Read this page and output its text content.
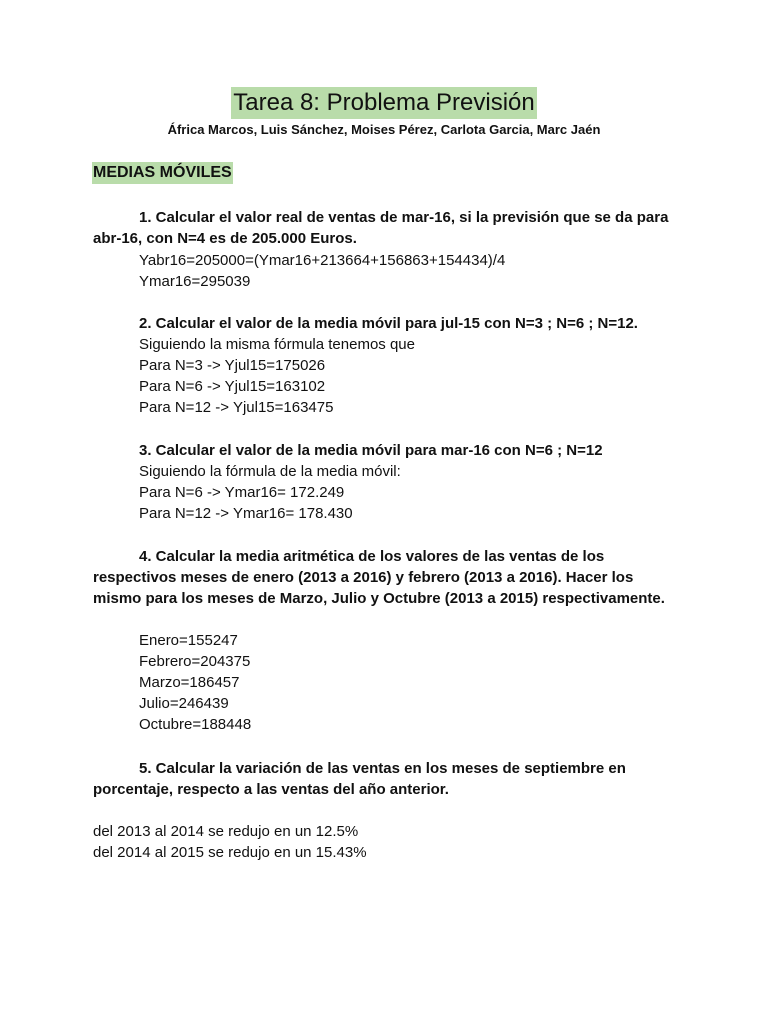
Tarea 8: Problema Previsión
África Marcos, Luis Sánchez, Moises Pérez, Carlota Garcia, Marc Jaén
MEDIAS MÓVILES
1. Calcular el valor real de ventas de mar-16, si la previsión que se da para abr-16, con N=4 es de 205.000 Euros.
Yabr16=205000=(Ymar16+213664+156863+154434)/4
Ymar16=295039
2. Calcular el valor de la media móvil para jul-15 con N=3 ; N=6 ; N=12.
Siguiendo la misma fórmula tenemos que
Para N=3 -> Yjul15=175026
Para N=6 -> Yjul15=163102
Para N=12 -> Yjul15=163475
3. Calcular el valor de la media móvil para mar-16 con N=6 ; N=12
Siguiendo la fórmula de la media móvil:
Para N=6 -> Ymar16= 172.249
Para N=12 -> Ymar16= 178.430
4. Calcular la media aritmética de los valores de las ventas de los respectivos meses de enero (2013 a 2016) y febrero (2013 a 2016). Hacer los mismo para los meses de Marzo, Julio y Octubre (2013 a 2015) respectivamente.
Enero=155247
Febrero=204375
Marzo=186457
Julio=246439
Octubre=188448
5. Calcular la variación de las ventas en los meses de septiembre en porcentaje, respecto a las ventas del año anterior.
del 2013 al 2014 se redujo en un 12.5%
del 2014 al 2015 se redujo en un 15.43%
